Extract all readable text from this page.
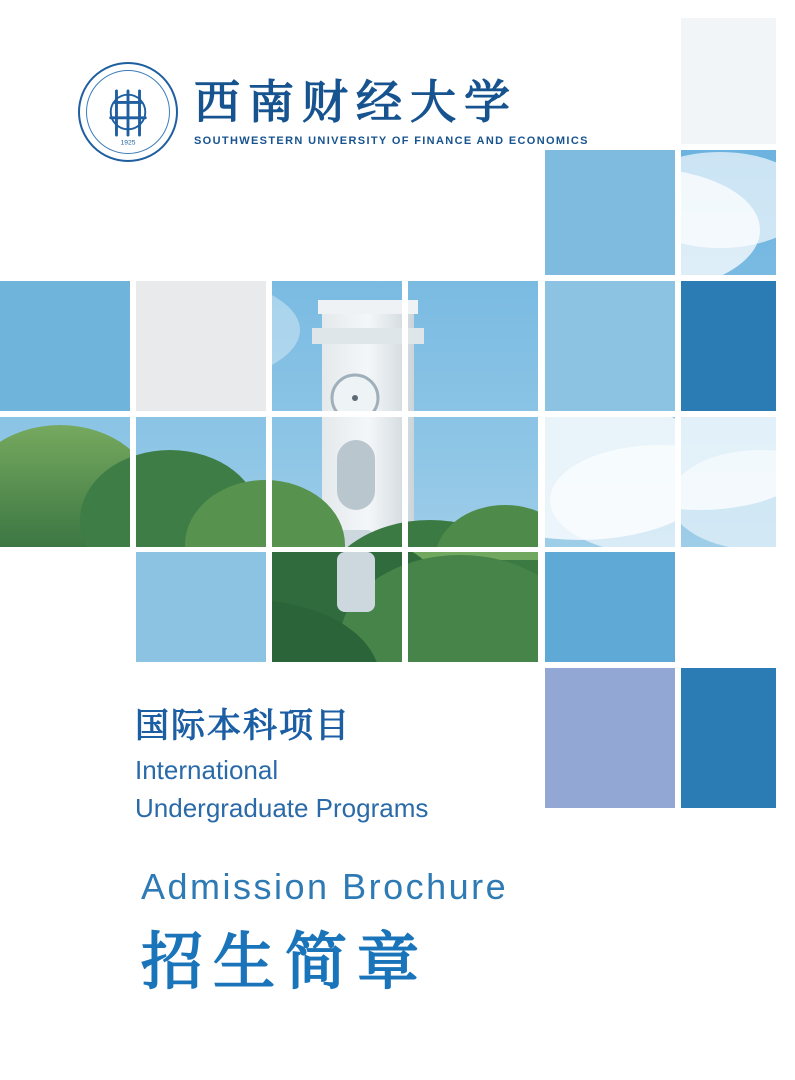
1925
西南财经大学
SOUTHWESTERN UNIVERSITY OF FINANCE AND ECONOMICS
国际本科项目
International
Undergraduate Programs
Admission Brochure
招生简章
